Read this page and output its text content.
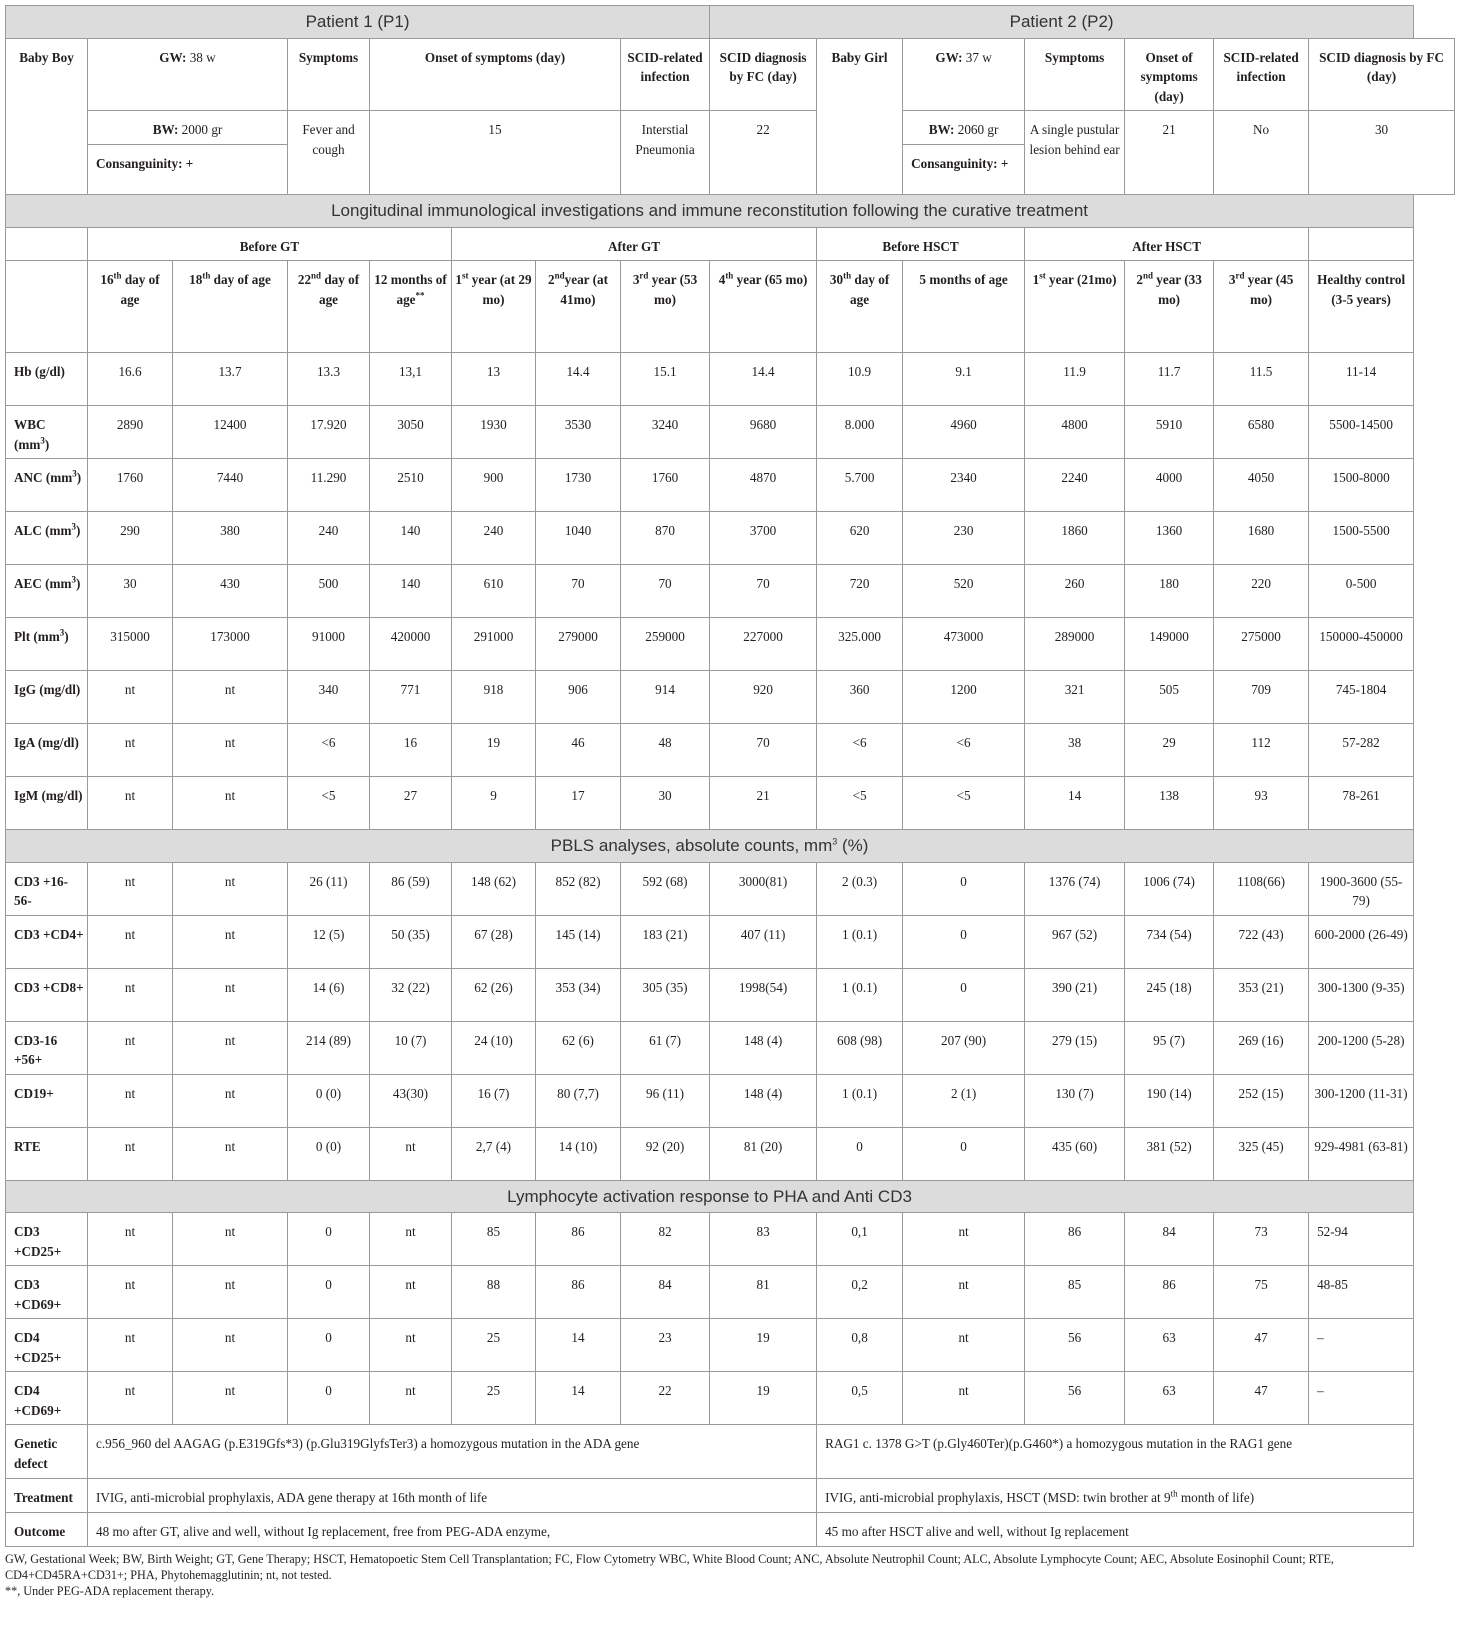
Patient 1 (P1)								Patient 2 (P2)						
Baby Boy	GW: 38 w		Symptoms	Onset of symptoms (day)			SCID-related infection	SCID diagnosis by FC (day)	Baby Girl	GW: 37 w	Symptoms	Onset of symptoms (day)	SCID-related infection	SCID diagnosis by FC (day)
	BW: 2000 gr		Fever and cough	15			Interstial Pneumonia	22		BW: 2060 gr	A single pustular lesion behind ear	21	No	30
	Consanguinity: +									Consanguinity: +				
Longitudinal immunological investigations and immune reconstitution following the curative treatment														
	Before GT				After GT				Before HSCT		After HSCT			
	16th day of age	18th day of age	22nd day of age	12 months of age**	1st year (at 29 mo)	2ndyear (at 41mo)	3rd year (53 mo)	4th year (65 mo)	30th day of age	5 months of age	1st year (21mo)	2nd year (33 mo)	3rd year (45 mo)	Healthy control (3-5 years)
Hb (g/dl)	16.6	13.7	13.3	13,1	13	14.4	15.1	14.4	10.9	9.1	11.9	11.7	11.5	11-14
WBC $(mm^3)$	2890	12400	17.920	3050	1930	3530	3240	9680	8.000	4960	4800	5910	6580	5500-14500
ANC $(mm^3)$	1760	7440	11.290	2510	900	1730	1760	4870	5.700	2340	2240	4000	4050	1500-8000
ALC $(mm^3)$	290	380	240	140	240	1040	870	3700	620	230	1860	1360	1680	1500-5500
AEC $(mm^3)$	30	430	500	140	610	70	70	70	720	520	260	180	220	0-500
Plt $(mm^3)$	315000	173000	91000	420000	291000	279000	259000	227000	325.000	473000	289000	149000	275000	150000-450000
IgG (mg/dl)	nt	nt	340	771	918	906	914	920	360	1200	321	505	709	745-1804
IgA (mg/dl)	nt	nt	<6	16	19	46	48	70	<6	<6	38	29	112	57-282
IgM (mg/dl)	nt	nt	<5	27	9	17	30	21	<5	<5	14	138	93	78-261
PBLS analyses, absolute counts, $mm^3$ (%)														
CD3 +16-56-	nt	nt	26 (11)	86 (59)	148 (62)	852 (82)	592 (68)	3000(81)	2 (0.3)	0	1376 (74)	1006 (74)	1108(66)	1900-3600 (55-79)
CD3 +CD4+	nt	nt	12 (5)	50 (35)	67 (28)	145 (14)	183 (21)	407 (11)	1 (0.1)	0	967 (52)	734 (54)	722 (43)	600-2000 (26-49)
CD3 +CD8+	nt	nt	14 (6)	32 (22)	62 (26)	353 (34)	305 (35)	1998(54)	1 (0.1)	0	390 (21)	245 (18)	353 (21)	300-1300 (9-35)
CD3-16 +56+	nt	nt	214 (89)	10 (7)	24 (10)	62 (6)	61 (7)	148 (4)	608 (98)	207 (90)	279 (15)	95 (7)	269 (16)	200-1200 (5-28)
CD19+	nt	nt	0 (0)	43(30)	16 (7)	80 (7,7)	96 (11)	148 (4)	1 (0.1)	2 (1)	130 (7)	190 (14)	252 (15)	300-1200 (11-31)
RTE	nt	nt	0 (0)	nt	2,7 (4)	14 (10)	92 (20)	81 (20)	0	0	435 (60)	381 (52)	325 (45)	929-4981 (63-81)
Lymphocyte activation response to PHA and Anti CD3														
CD3 +CD25+	nt	nt	0	nt	85	86	82	83	0,1	nt	86	84	73	52-94
CD3 +CD69+	nt	nt	0	nt	88	86	84	81	0,2	nt	85	86	75	48-85
CD4 +CD25+	nt	nt	0	nt	25	14	23	19	0,8	nt	56	63	47	–
CD4 +CD69+	nt	nt	0	nt	25	14	22	19	0,5	nt	56	63	47	–
Genetic defect	c.956_960 del AAGAG (p.E319Gfs*3) (p.Glu319GlyfsTer3) a homozygous mutation in the ADA gene								RAG1 c. 1378 G>T (p.Gly460Ter)(p.G460*) a homozygous mutation in the RAG1 gene					
Treatment	IVIG, anti-microbial prophylaxis, ADA gene therapy at 16th month of life								IVIG, anti-microbial prophylaxis, HSCT (MSD: twin brother at 9th month of life)					
Outcome	48 mo after GT, alive and well, without Ig replacement, free from PEG-ADA enzyme,								45 mo after HSCT alive and well, without Ig replacement					
GW, Gestational Week; BW, Birth Weight; GT, Gene Therapy; HSCT, Hematopoetic Stem Cell Transplantation; FC, Flow Cytometry WBC, White Blood Count; ANC, Absolute Neutrophil Count; ALC, Absolute Lymphocyte Count; AEC, Absolute Eosinophil Count; RTE, CD4+CD45RA+CD31+; PHA, Phytohemagglutinin; nt, not tested.
**, Under PEG-ADA replacement therapy.
